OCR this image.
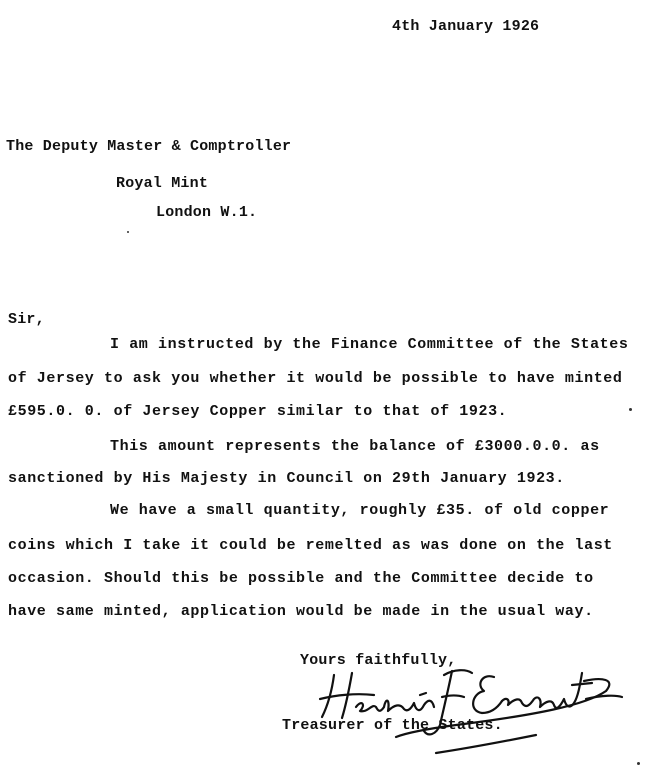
4th January 1926
The Deputy Master & Comptroller
Royal Mint
London W.1.
Sir,
I am instructed by the Finance Committee of the States
of Jersey to ask you whether it would be possible to have minted
£595.0. 0. of Jersey Copper similar to that of 1923.
This amount represents the balance of £3000.0.0. as
sanctioned by His Majesty in Council on 29th January 1923.
We have a small quantity, roughly £35. of old copper
coins which I take it could be remelted as was done on the last
occasion. Should this be possible and the Committee decide to
have same minted, application would be made in the usual way.
Yours faithfully,
Treasurer of the States.
